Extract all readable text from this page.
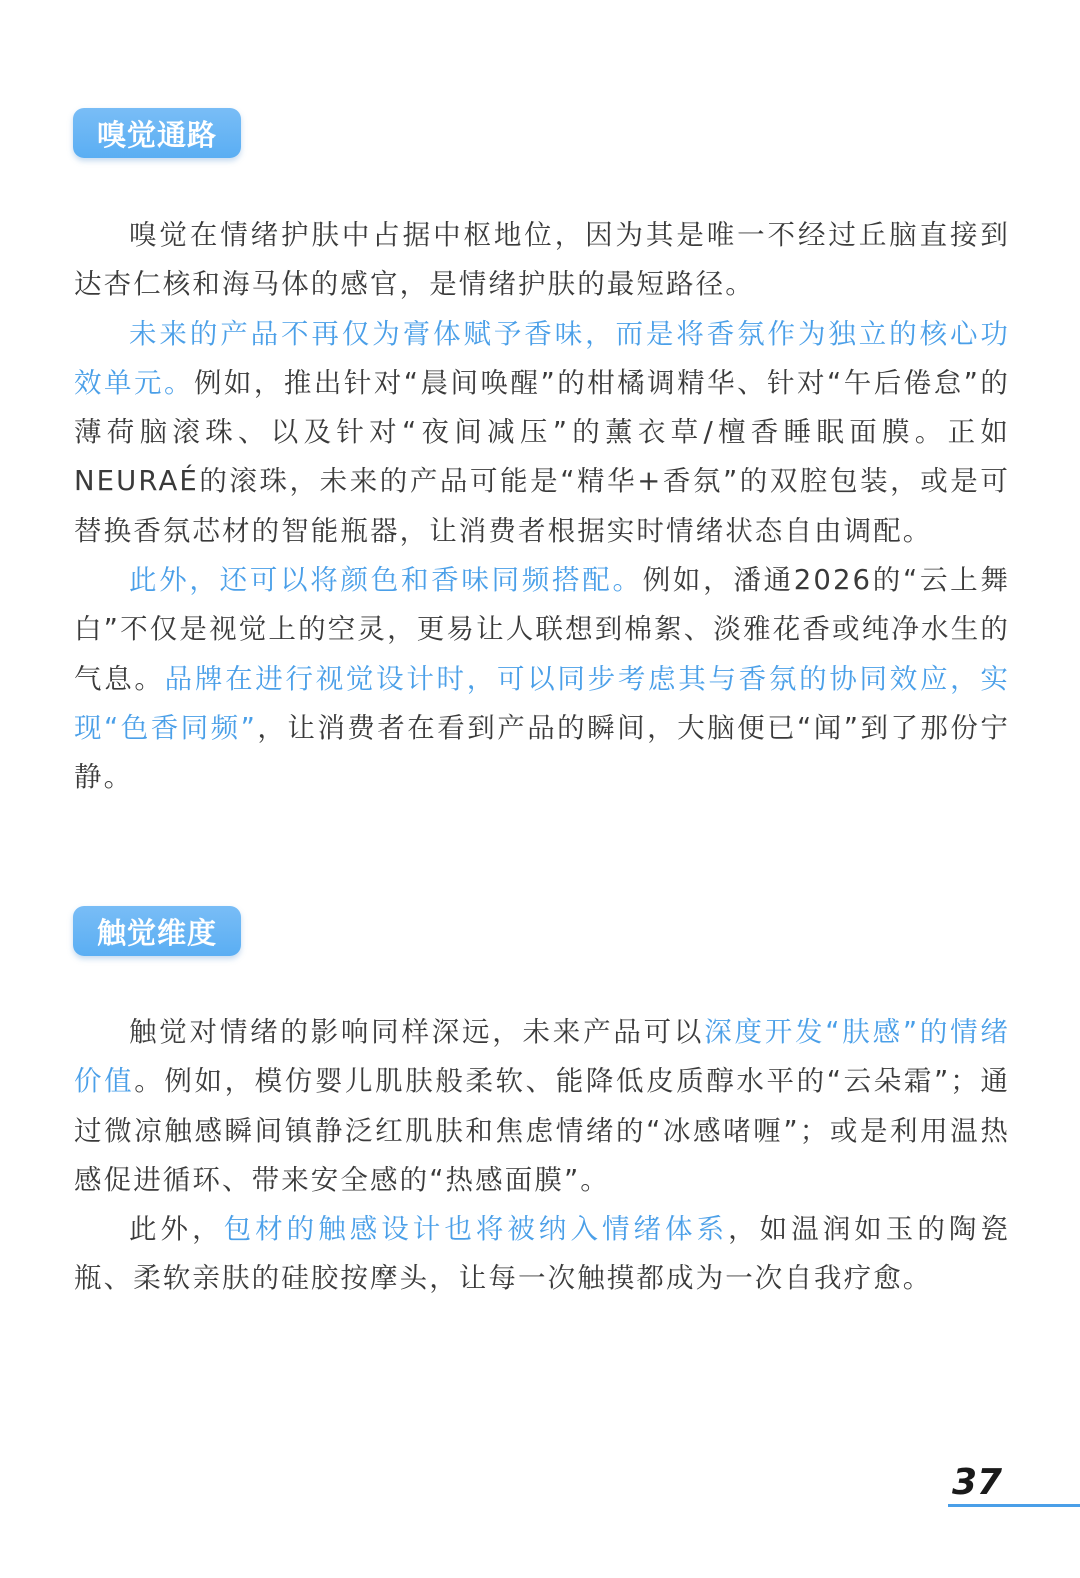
嗅觉通路

嗅觉在情绪护肤中占据中枢地位，因为其是唯一不经过丘脑直接到达杏仁核和海马体的感官，是情绪护肤的最短路径。

未来的产品不再仅为膏体赋予香味，而是将香氛作为独立的核心功效单元。例如，推出针对“晨间唤醒”的柑橘调精华、针对“午后倦怠”的薄荷脑滚珠、以及针对“夜间减压”的薰衣草/檀香睡眠面膜。正如NEURAÉ的滚珠，未来的产品可能是“精华+香氛”的双腔包装，或是可替换香氛芯材的智能瓶器，让消费者根据实时情绪状态自由调配。

此外，还可以将颜色和香味同频搭配。例如，潘通2026的“云上舞白”不仅是视觉上的空灵，更易让人联想到棉絮、淡雅花香或纯净水生的气息。品牌在进行视觉设计时，可以同步考虑其与香氛的协同效应，实现“色香同频”，让消费者在看到产品的瞬间，大脑便已“闻”到了那份宁静。

触觉维度

触觉对情绪的影响同样深远，未来产品可以深度开发“肤感”的情绪价值。例如，模仿婴儿肌肤般柔软、能降低皮质醇水平的“云朵霜”；通过微凉触感瞬间镇静泛红肌肤和焦虑情绪的“冰感啫喱”；或是利用温热感促进循环、带来安全感的“热感面膜”。

此外，包材的触感设计也将被纳入情绪体系，如温润如玉的陶瓷瓶、柔软亲肤的硅胶按摩头，让每一次触摸都成为一次自我疗愈。

37
